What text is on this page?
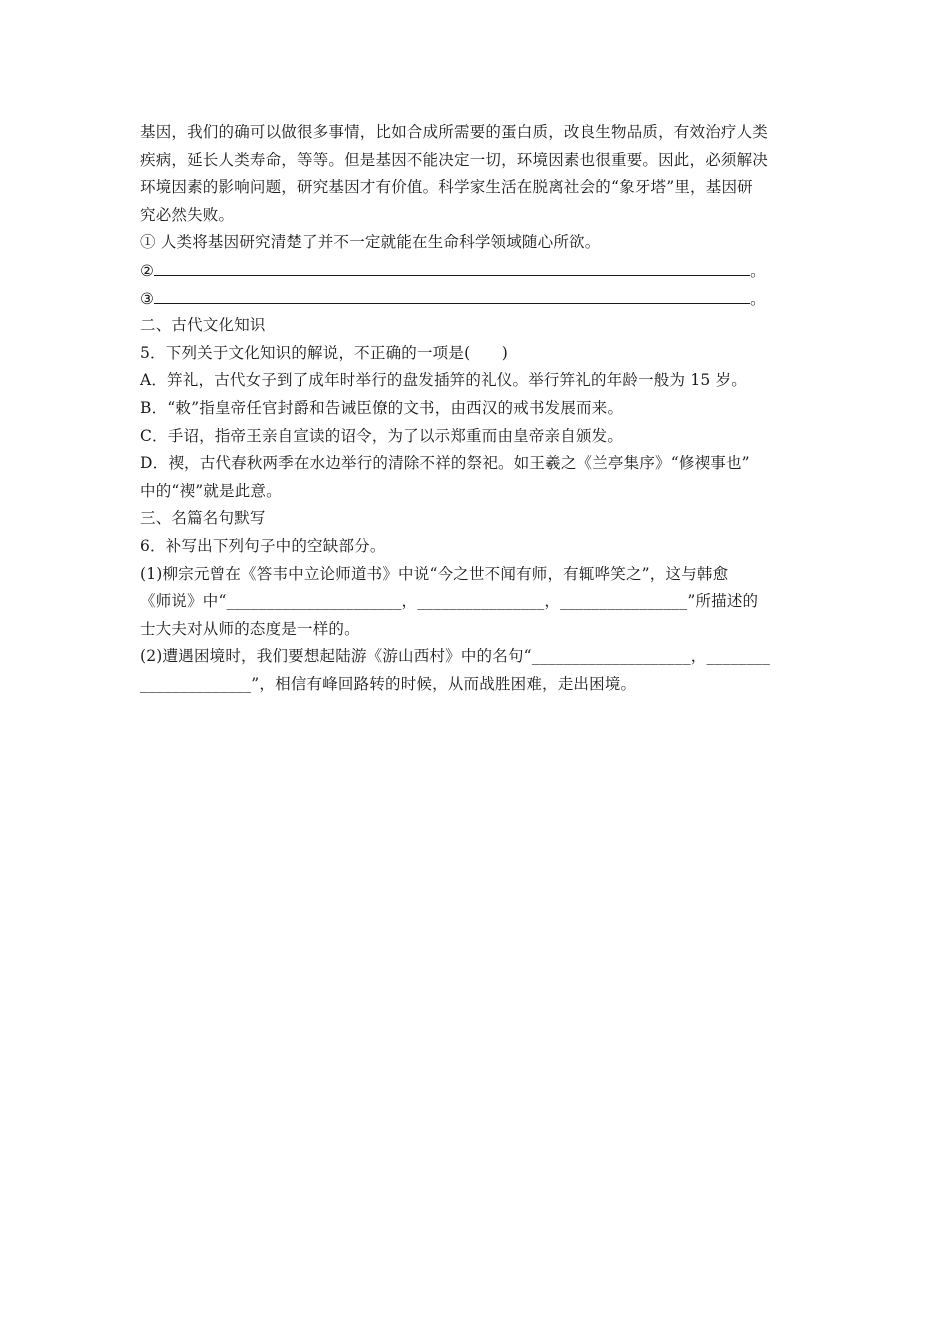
基因，我们的确可以做很多事情，比如合成所需要的蛋白质，改良生物品质，有效治疗人类
疾病，延长人类寿命，等等。但是基因不能决定一切，环境因素也很重要。因此，必须解决
环境因素的影响问题，研究基因才有价值。科学家生活在脱离社会的“象牙塔”里，基因研
究必然失败。
① 人类将基因研究清楚了并不一定就能在生命科学领域随心所欲。
②	。
③	。
二、古代文化知识
5．下列关于文化知识的解说，不正确的一项是(　　)
A．笄礼，古代女子到了成年时举行的盘发插笄的礼仪。举行笄礼的年龄一般为 15 岁。
B．“敕”指皇帝任官封爵和告诫臣僚的文书，由西汉的戒书发展而来。
C．手诏，指帝王亲自宣读的诏令，为了以示郑重而由皇帝亲自颁发。
D．禊，古代春秋两季在水边举行的清除不祥的祭祀。如王羲之《兰亭集序》“修禊事也”
中的“禊”就是此意。
三、名篇名句默写
6．补写出下列句子中的空缺部分。
(1)柳宗元曾在《答韦中立论师道书》中说“今之世不闻有师，有辄哗笑之”，这与韩愈
《师说》中“______________________，________________，________________”所描述的
士大夫对从师的态度是一样的。
(2)遭遇困境时，我们要想起陆游《游山西村》中的名句“____________________，________
______________”，相信有峰回路转的时候，从而战胜困难，走出困境。
